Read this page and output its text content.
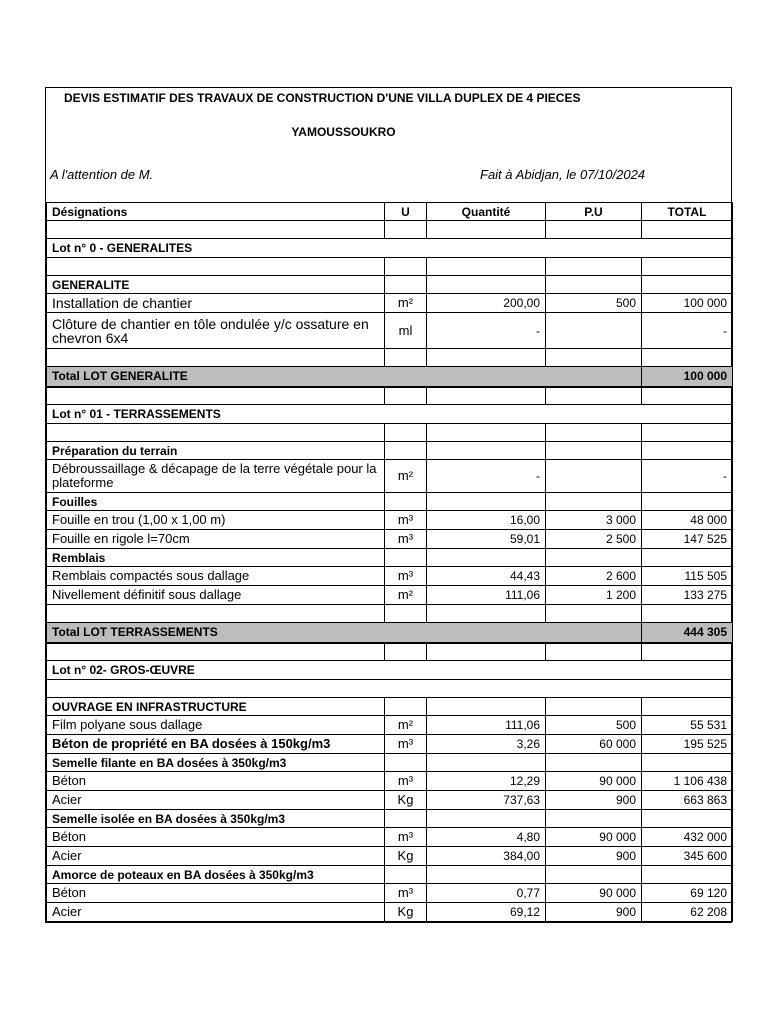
DEVIS ESTIMATIF DES TRAVAUX DE CONSTRUCTION D'UNE VILLA DUPLEX DE 4 PIECES
YAMOUSSOUKRO
A l'attention de M.	Fait à Abidjan, le 07/10/2024
Désignations	U	Quantité	P.U	TOTAL

Lot n° 0 - GENERALITES				

GENERALITE				
Installation de chantier	m²	200,00	500	100 000
Clôture de chantier en tôle ondulée y/c ossature en chevron 6x4	ml	-		-

Total LOT GENERALITE				100 000

Lot n° 01 - TERRASSEMENTS				

Préparation du terrain				
Débroussaillage & décapage de la terre végétale pour la plateforme	m²	-		-
Fouilles				
Fouille en trou (1,00 x 1,00 m)	m³	16,00	3 000	48 000
Fouille en rigole l=70cm	m³	59,01	2 500	147 525
Remblais				
Remblais compactés sous dallage	m³	44,43	2 600	115 505
Nivellement définitif sous dallage	m²	111,06	1 200	133 275

Total LOT TERRASSEMENTS				444 305

Lot n° 02- GROS-ŒUVRE				

OUVRAGE EN INFRASTRUCTURE				
Film polyane sous dallage	m²	111,06	500	55 531
Béton de propriété en BA dosées à 150kg/m3	m³	3,26	60 000	195 525
Semelle filante en BA dosées à 350kg/m3				
Béton	m³	12,29	90 000	1 106 438
Acier	Kg	737,63	900	663 863
Semelle isolée en BA dosées à 350kg/m3				
Béton	m³	4,80	90 000	432 000
Acier	Kg	384,00	900	345 600
Amorce de poteaux en BA dosées à 350kg/m3				
Béton	m³	0,77	90 000	69 120
Acier	Kg	69,12	900	62 208
